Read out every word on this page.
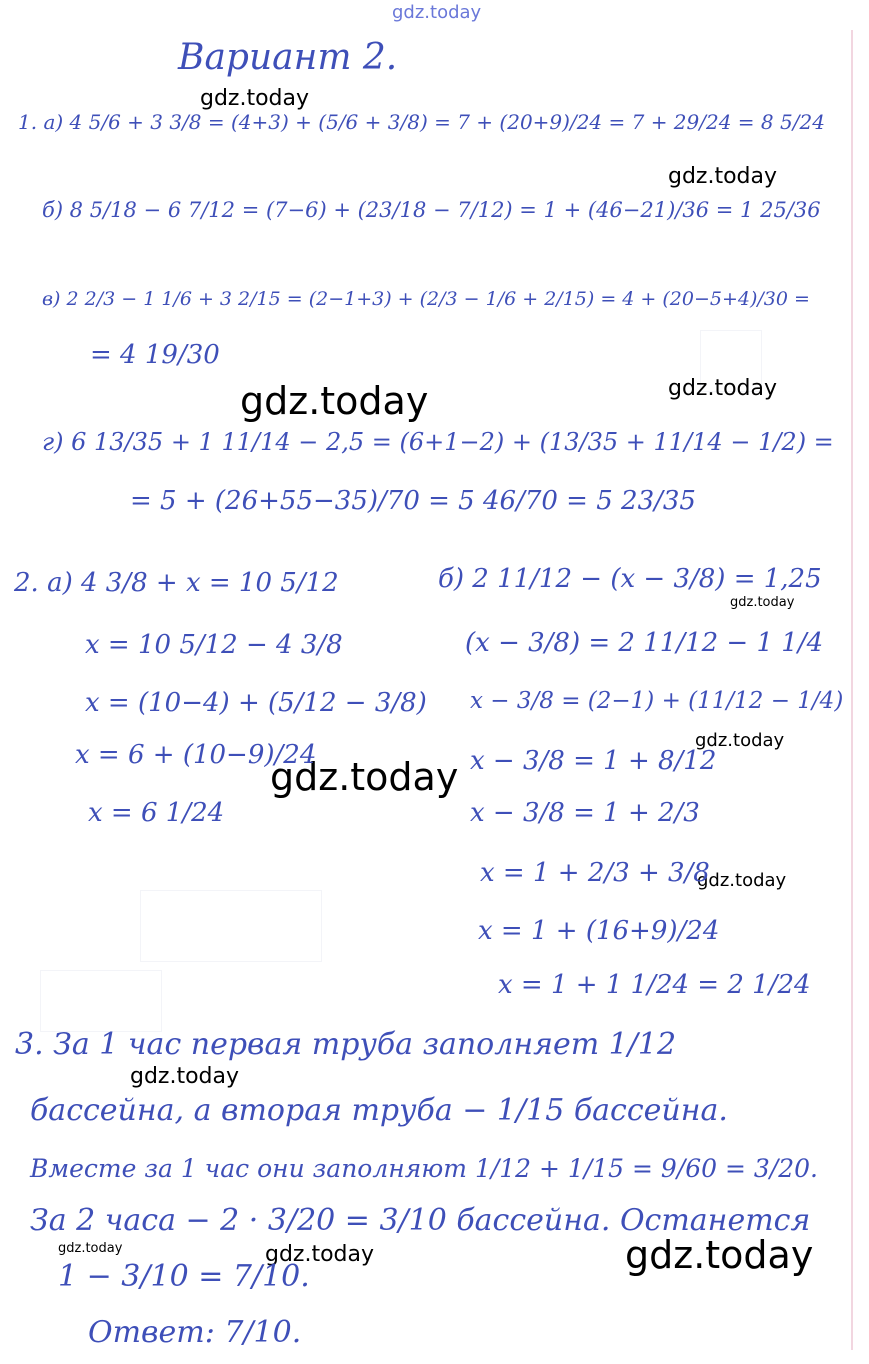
gdz.today
gdz.today
gdz.today
gdz.today	gdz.today
gdz.today
gdz.today
gdz.today
gdz.today
gdz.today
gdz.today	gdz.today	gdz.today
Вариант 2.
1. а) 4 5/6 + 3 3/8 = (4+3) + (5/6 + 3/8) = 7 + (20+9)/24 = 7 + 29/24 = 8 5/24
б) 8 5/18 − 6 7/12 = (7−6) + (23/18 − 7/12) = 1 + (46−21)/36 = 1 25/36
в) 2 2/3 − 1 1/6 + 3 2/15 = (2−1+3) + (2/3 − 1/6 + 2/15) = 4 + (20−5+4)/30 =
= 4 19/30
г) 6 13/35 + 1 11/14 − 2,5 = (6+1−2) + (13/35 + 11/14 − 1/2) =
= 5 + (26+55−35)/70 = 5 46/70 = 5 23/35
2. а) 4 3/8 + x = 10 5/12
x = 10 5/12 − 4 3/8
x = (10−4) + (5/12 − 3/8)
x = 6 + (10−9)/24
x = 6 1/24
б) 2 11/12 − (x − 3/8) = 1,25
(x − 3/8) = 2 11/12 − 1 1/4
x − 3/8 = (2−1) + (11/12 − 1/4)
x − 3/8 = 1 + 8/12
x − 3/8 = 1 + 2/3
x = 1 + 2/3 + 3/8
x = 1 + (16+9)/24
x = 1 + 1 1/24 = 2 1/24
3. За 1 час первая труба заполняет 1/12
бассейна, а вторая труба − 1/15 бассейна.
Вместе за 1 час они заполняют 1/12 + 1/15 = 9/60 = 3/20.
За 2 часа − 2 · 3/20 = 3/10 бассейна. Останется
1 − 3/10 = 7/10.
Ответ: 7/10.
